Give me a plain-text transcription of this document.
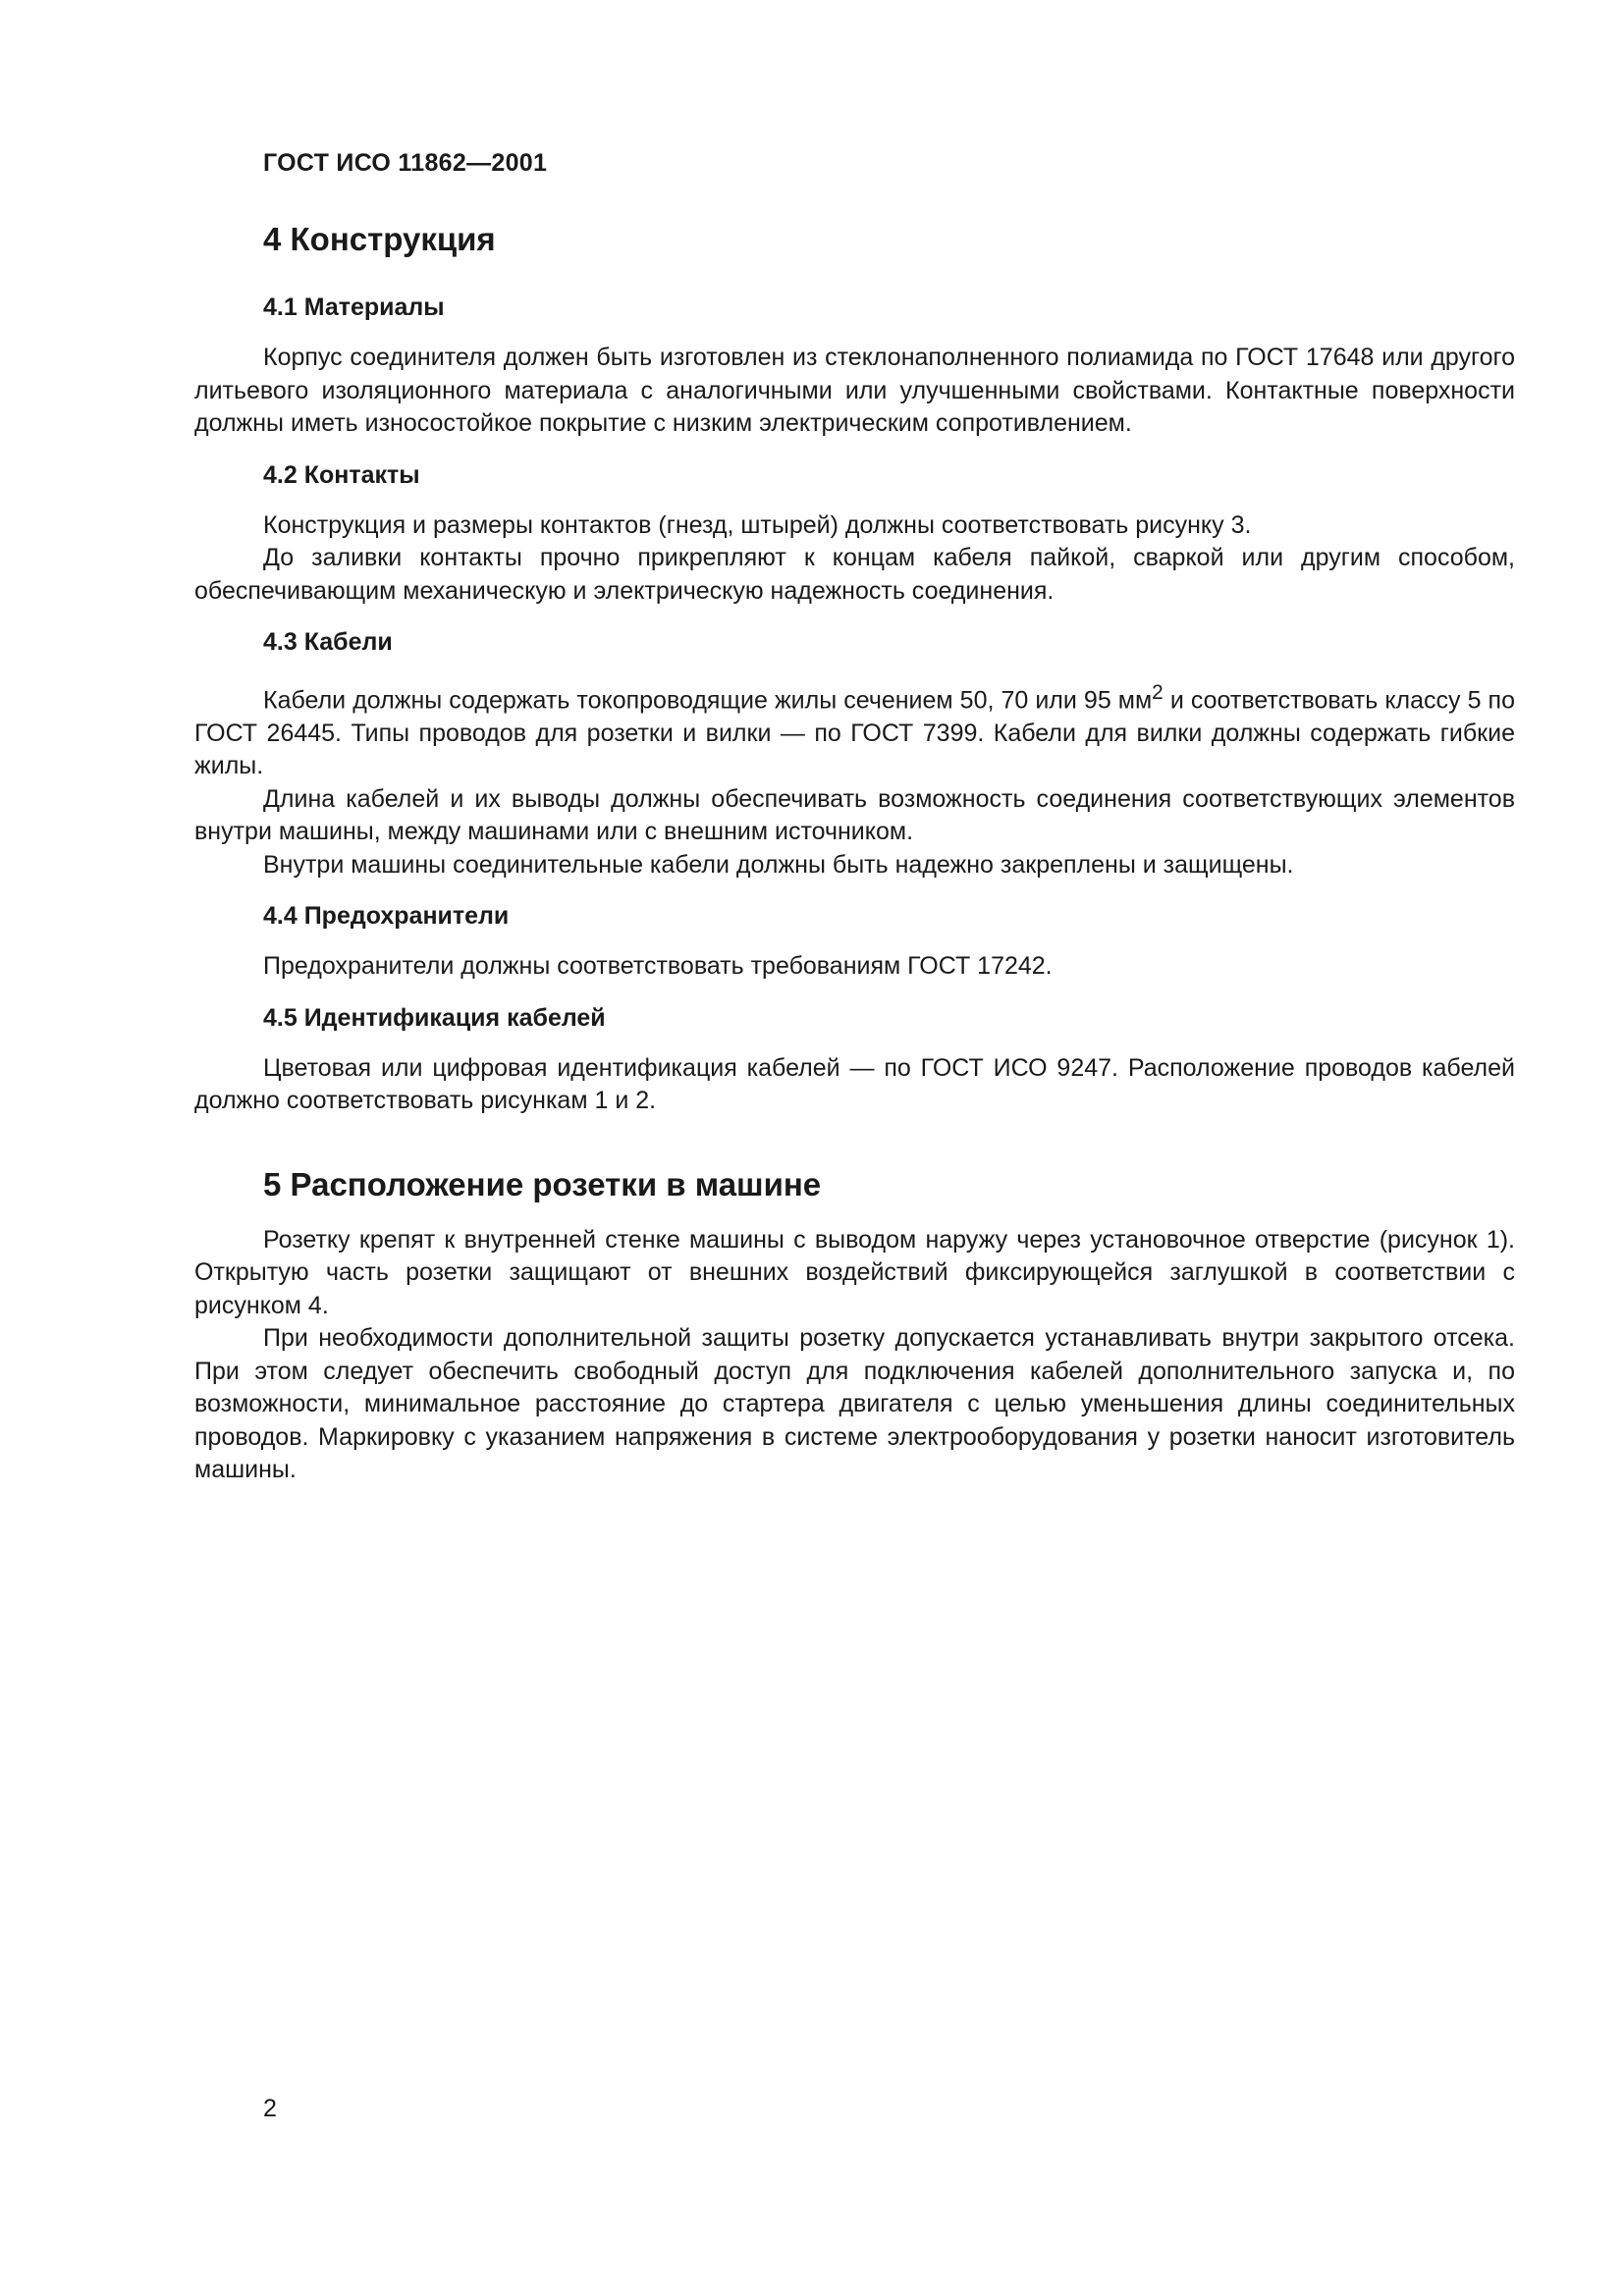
ГОСТ ИСО 11862—2001

4 Конструкция
4.1 Материалы

Корпус соединителя должен быть изготовлен из стеклонаполненного полиамида по ГОСТ 17648 или другого литьевого изоляционного материала с аналогичными или улучшенными свойствами. Контактные поверхности должны иметь износостойкое покрытие с низким электрическим сопротивлением.

4.2 Контакты

Конструкция и размеры контактов (гнезд, штырей) должны соответствовать рисунку 3.

До заливки контакты прочно прикрепляют к концам кабеля пайкой, сваркой или другим способом, обеспечивающим механическую и электрическую надежность соединения.

4.3 Кабели

Кабели должны содержать токопроводящие жилы сечением 50, 70 или 95 $мм^2$ и соответствовать классу 5 по ГОСТ 26445. Типы проводов для розетки и вилки — по ГОСТ 7399. Кабели для вилки должны содержать гибкие жилы.

Длина кабелей и их выводы должны обеспечивать возможность соединения соответствующих элементов внутри машины, между машинами или с внешним источником.

Внутри машины соединительные кабели должны быть надежно закреплены и защищены.

4.4 Предохранители

Предохранители должны соответствовать требованиям ГОСТ 17242.

4.5 Идентификация кабелей

Цветовая или цифровая идентификация кабелей — по ГОСТ ИСО 9247. Расположение проводов кабелей должно соответствовать рисункам 1 и 2.

5 Расположение розетки в машине

Розетку крепят к внутренней стенке машины с выводом наружу через установочное отверстие (рисунок 1). Открытую часть розетки защищают от внешних воздействий фиксирующейся заглушкой в соответствии с рисунком 4.

При необходимости дополнительной защиты розетку допускается устанавливать внутри закрытого отсека. При этом следует обеспечить свободный доступ для подключения кабелей дополнительного запуска и, по возможности, минимальное расстояние до стартера двигателя с целью уменьшения длины соединительных проводов. Маркировку с указанием напряжения в системе электрооборудования у розетки наносит изготовитель машины.

2
